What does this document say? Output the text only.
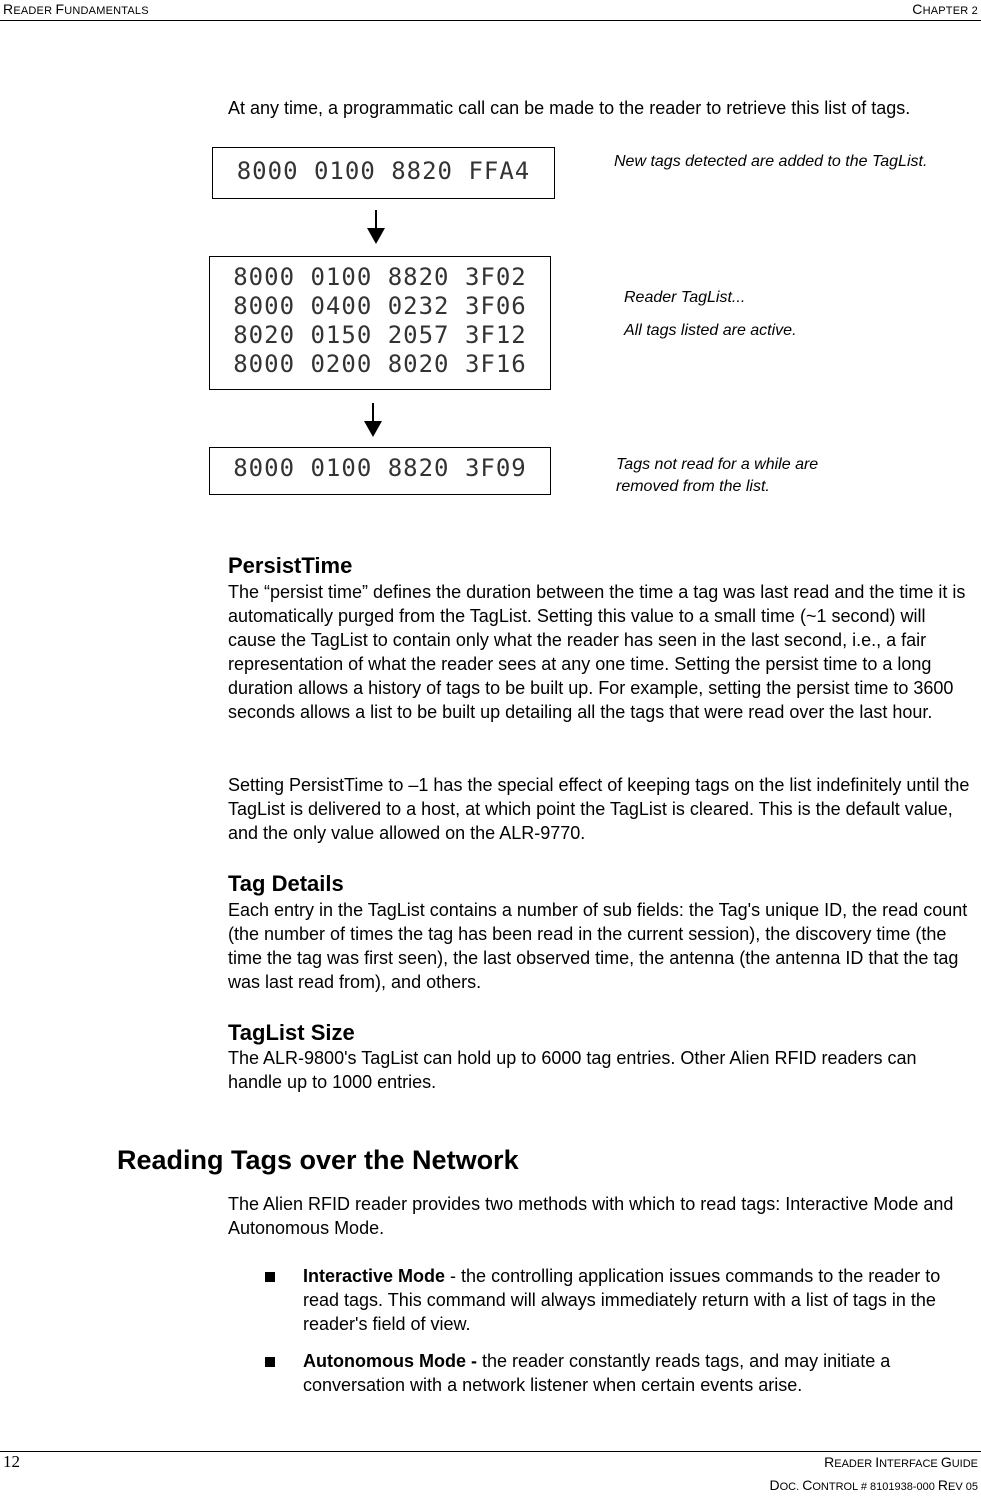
READER FUNDAMENTALS	CHAPTER 2
At any time, a programmatic call can be made to the reader to retrieve this list of tags.
8000 0100 8820 FFA4	New tags detected are added to the TagList.
8000 0100 8820 3F02
8000 0400 0232 3F06
8020 0150 2057 3F12
8000 0200 8020 3F16
Reader TagList...
All tags listed are active.
8000 0100 8820 3F09	Tags not read for a while are removed from the list.
PersistTime
The “persist time” defines the duration between the time a tag was last read and the time it is automatically purged from the TagList. Setting this value to a small time (~1 second) will cause the TagList to contain only what the reader has seen in the last second, i.e., a fair representation of what the reader sees at any one time. Setting the persist time to a long duration allows a history of tags to be built up. For example, setting the persist time to 3600 seconds allows a list to be built up detailing all the tags that were read over the last hour.
Setting PersistTime to –1 has the special effect of keeping tags on the list indefinitely until the TagList is delivered to a host, at which point the TagList is cleared. This is the default value, and the only value allowed on the ALR-9770.
Tag Details
Each entry in the TagList contains a number of sub fields: the Tag's unique ID, the read count (the number of times the tag has been read in the current session), the discovery time (the time the tag was first seen), the last observed time, the antenna (the antenna ID that the tag was last read from), and others.
TagList Size
The ALR-9800's TagList can hold up to 6000 tag entries. Other Alien RFID readers can handle up to 1000 entries.
Reading Tags over the Network
The Alien RFID reader provides two methods with which to read tags: Interactive Mode and Autonomous Mode.
Interactive Mode - the controlling application issues commands to the reader to read tags. This command will always immediately return with a list of tags in the reader's field of view.
Autonomous Mode - the reader constantly reads tags, and may initiate a conversation with a network listener when certain events arise.
12	READER INTERFACE GUIDE
DOC. CONTROL # 8101938-000 REV 05
